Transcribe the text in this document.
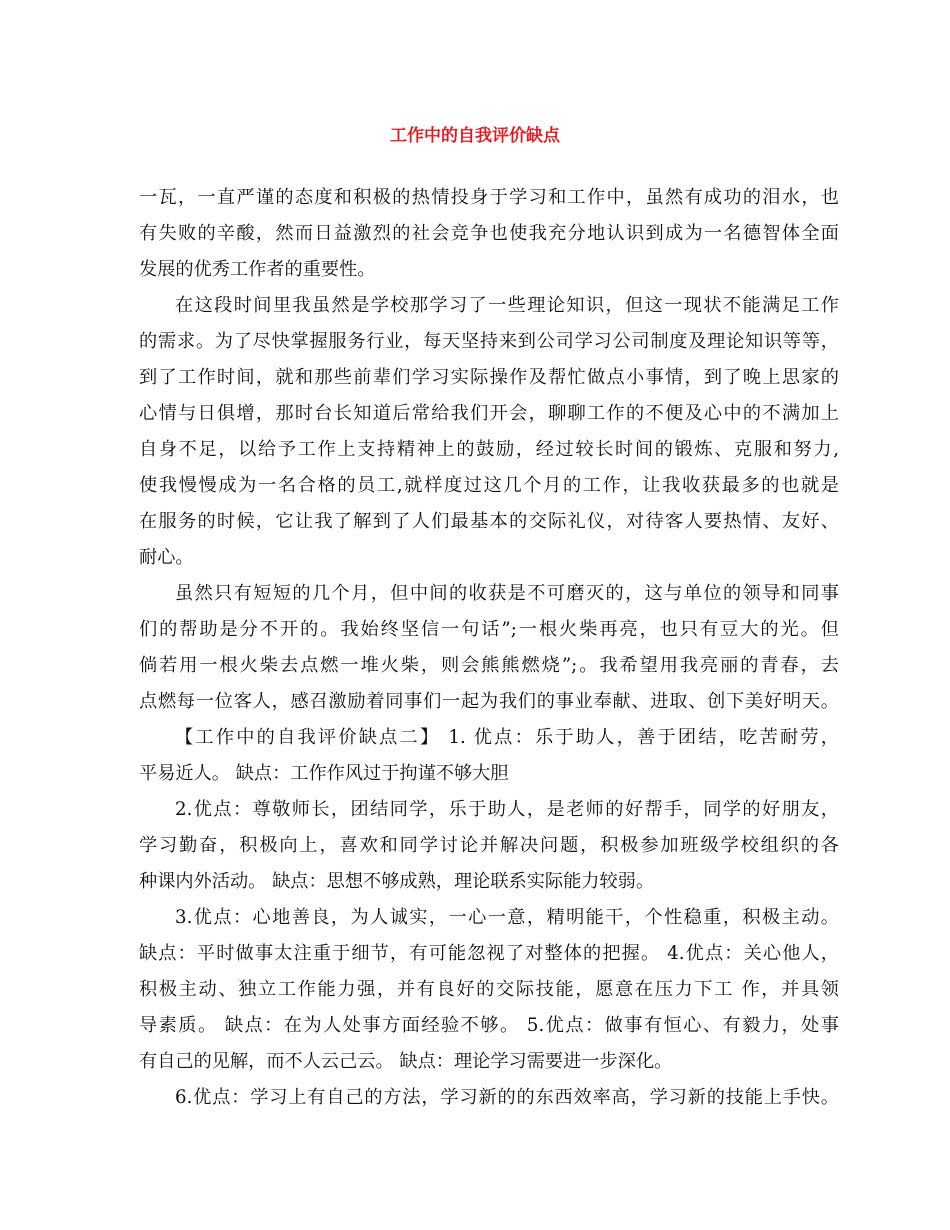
工作中的自我评价缺点

一瓦，一直严谨的态度和积极的热情投身于学习和工作中，虽然有成功的泪水，也

有失败的辛酸，然而日益激烈的社会竞争也使我充分地认识到成为一名德智体全面

发展的优秀工作者的重要性。

在这段时间里我虽然是学校那学习了一些理论知识，但这一现状不能满足工作

的需求。为了尽快掌握服务行业，每天坚持来到公司学习公司制度及理论知识等等，

到了工作时间，就和那些前辈们学习实际操作及帮忙做点小事情，到了晚上思家的

心情与日俱增，那时台长知道后常给我们开会，聊聊工作的不便及心中的不满加上

自身不足，以给予工作上支持精神上的鼓励，经过较长时间的锻炼、克服和努力,

使我慢慢成为一名合格的员工,就样度过这几个月的工作，让我收获最多的也就是

在服务的时候，它让我了解到了人们最基本的交际礼仪，对待客人要热情、友好、

耐心。

虽然只有短短的几个月，但中间的收获是不可磨灭的，这与单位的领导和同事

们的帮助是分不开的。我始终坚信一句话”;一根火柴再亮，也只有豆大的光。但

倘若用一根火柴去点燃一堆火柴，则会熊熊燃烧”;。我希望用我亮丽的青春，去

点燃每一位客人，感召激励着同事们一起为我们的事业奉献、进取、创下美好明天。

【工作中的自我评价缺点二】 1. 优点：乐于助人，善于团结，吃苦耐劳，

平易近人。 缺点：工作作风过于拘谨不够大胆

2.优点：尊敬师长，团结同学，乐于助人，是老师的好帮手，同学的好朋友，

学习勤奋，积极向上，喜欢和同学讨论并解决问题，积极参加班级学校组织的各

种课内外活动。 缺点：思想不够成熟，理论联系实际能力较弱。

3.优点：心地善良，为人诚实，一心一意，精明能干，个性稳重，积极主动。

缺点：平时做事太注重于细节，有可能忽视了对整体的把握。 4.优点：关心他人，

积极主动、独立工作能力强，并有良好的交际技能，愿意在压力下工 作，并具领

导素质。 缺点：在为人处事方面经验不够。 5.优点：做事有恒心、有毅力，处事

有自己的见解，而不人云己云。 缺点：理论学习需要进一步深化。

6.优点：学习上有自己的方法，学习新的的东西效率高，学习新的技能上手快。
